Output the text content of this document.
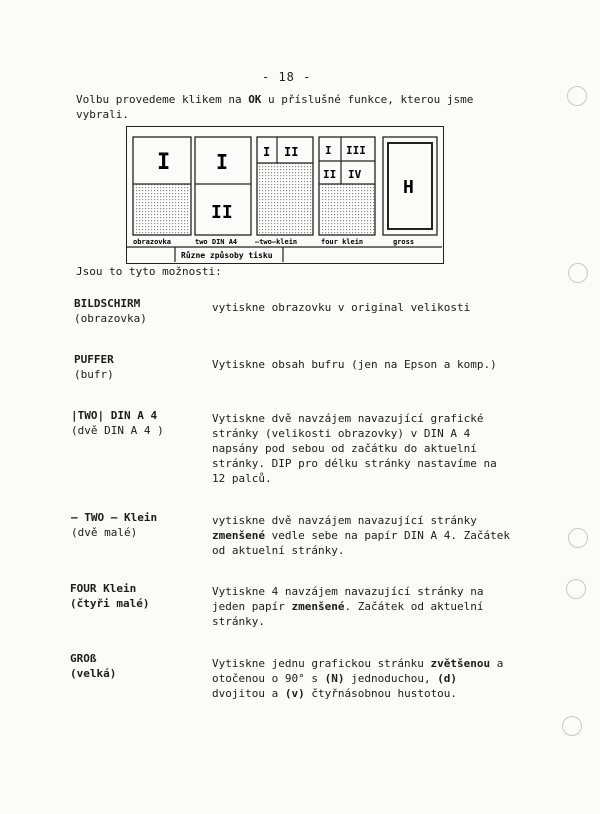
- 18 -
Volbu provedeme klikem na OK u příslušné funkce, kterou jsme vybrali.
I
obrazovka
I
II
two DIN A4
I II
—two—klein
I III
II IV
four klein
H
gross
Různe způsoby tisku
Jsou to tyto možnosti:
BILDSCHIRM
(obrazovka)
vytiskne obrazovku v original velikosti
PUFFER
(bufr)
Vytiskne obsah bufru (jen na Epson a komp.)
|TWO| DIN A 4
(dvě DIN A 4 )
Vytiskne dvě navzájem navazující grafické stránky (velikosti obrazovky) v DIN A 4 napsány pod sebou od začátku do aktuelní stránky. DIP pro délku stránky nastavíme na 12 palců.
— TWO — Klein
(dvě malé)
vytiskne dvě navzájem navazující stránky zmenšené vedle sebe na papír DIN A 4. Začátek od aktuelní stránky.
FOUR Klein
(čtyři malé)
Vytiskne 4 navzájem navazující stránky na jeden papír zmenšené. Začátek od aktuelní stránky.
GROß
(velká)
Vytiskne jednu grafickou stránku zvětšenou a otočenou o 90° s (N) jednoduchou, (d) dvojitou a (v) čtyřnásobnou hustotou.
